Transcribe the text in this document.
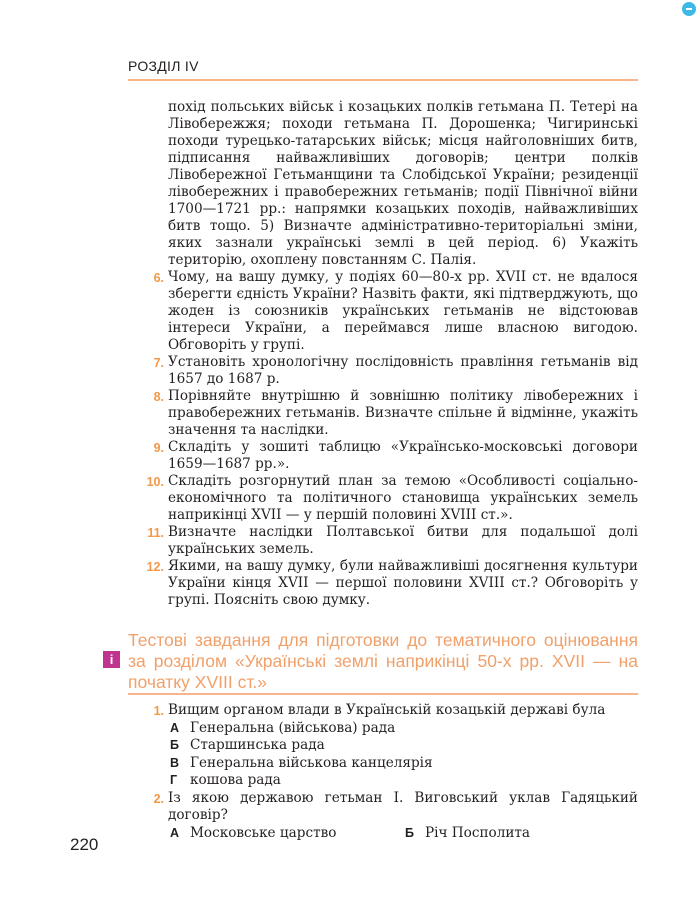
РОЗДІЛ IV

похід польських військ і козацьких полків гетьмана П. Тетері на Лівобережжя; походи гетьмана П. Дорошенка; Чигиринські походи турецько-татарських військ; місця найголовніших битв, підписання найважливіших договорів; центри полків Лівобережної Гетьманщини та Слобідської України; резиденції лівобережних і правобережних гетьманів; події Північної війни 1700—1721 рр.: напрямки козацьких походів, найважливіших битв тощо. 5) Визначте адміністративно-територіальні зміни, яких зазнали українські землі в цей період. 6) Укажіть територію, охоплену повстанням С. Палія.

6. Чому, на вашу думку, у подіях 60—80-х рр. XVII ст. не вдалося зберегти єдність України? Назвіть факти, які підтверджують, що жоден із союзників українських гетьманів не відстоював інтереси України, а переймався лише власною вигодою. Обговоріть у групі.
7. Установіть хронологічну послідовність правління гетьманів від 1657 до 1687 р.
8. Порівняйте внутрішню й зовнішню політику лівобережних і правобережних гетьманів. Визначте спільне й відмінне, укажіть значення та наслідки.
9. Складіть у зошиті таблицю «Українсько-московські договори 1659—1687 рр.».
10. Складіть розгорнутий план за темою «Особливості соціально-економічного та політичного становища українських земель наприкінці XVII — у першій половині XVIII ст.».
11. Визначте наслідки Полтавської битви для подальшої долі українських земель.
12. Якими, на вашу думку, були найважливіші досягнення культури України кінця XVII — першої половини XVIII ст.? Обговоріть у групі. Поясніть свою думку.
i

Тестові завдання для підготовки до тематичного оцінювання за розділом «Українські землі наприкінці 50-х рр. XVII — на початку XVIII ст.»

1. Вищим органом влади в Українській козацькій державі була
А Генеральна (військова) рада
Б Старшинська рада
В Генеральна військова канцелярія
Г кошова рада
2. Із якою державою гетьман І. Виговський уклав Гадяцький договір?
А Московське царство	Б Річ Посполита
220
